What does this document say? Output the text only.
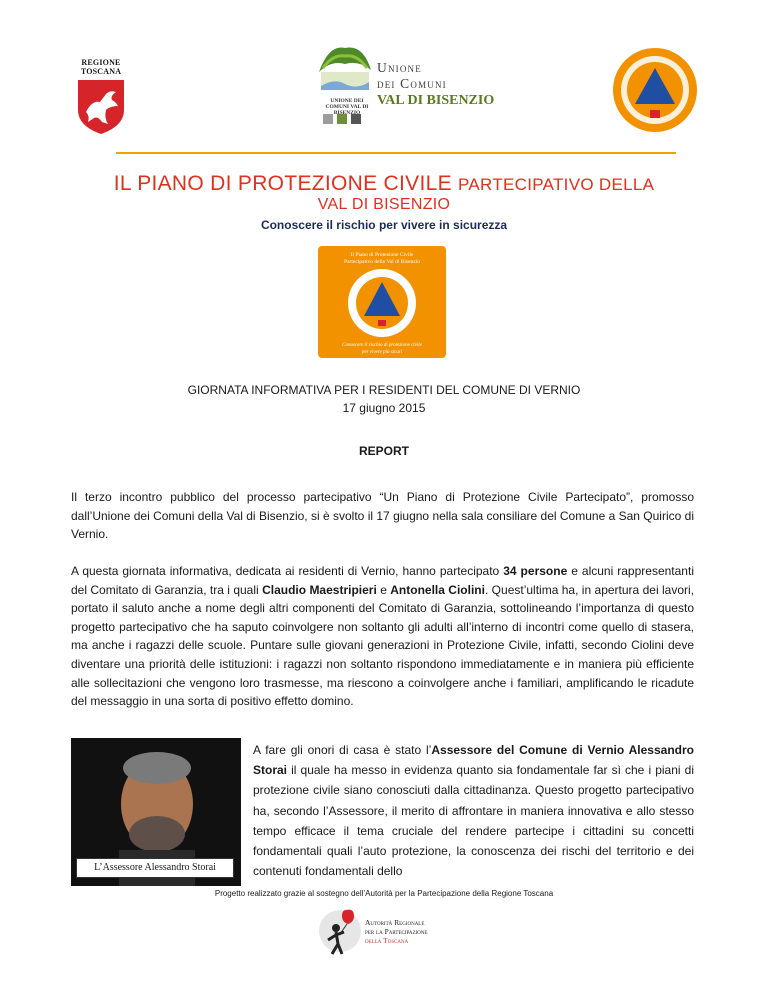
REGIONE
TOSCANA
UNIONE DEI COMUNI VAL DI BISENZIO
Unione
dei Comuni
VAL DI BISENZIO
IL PIANO DI PROTEZIONE CIVILE PARTECIPATIVO DELLA
VAL DI BISENZIO
Conoscere il rischio per vivere in sicurezza
Il Piano di Protezione Civile
Partecipativo della Val di Bisenzio
Conoscere il rischio di protezione civile
per vivere più sicuri
GIORNATA INFORMATIVA PER I RESIDENTI DEL COMUNE DI VERNIO
17 giugno 2015
REPORT
Il terzo incontro pubblico del processo partecipativo “Un Piano di Protezione Civile Partecipato”, promosso dall’Unione dei Comuni della Val di Bisenzio, si è svolto il 17 giugno nella sala consiliare del Comune a San Quirico di Vernio.
A questa giornata informativa, dedicata ai residenti di Vernio, hanno partecipato 34 persone e alcuni rappresentanti del Comitato di Garanzia, tra i quali Claudio Maestripieri e Antonella Ciolini. Quest’ultima ha, in apertura dei lavori, portato il saluto anche a nome degli altri componenti del Comitato di Garanzia, sottolineando l’importanza di questo progetto partecipativo che ha saputo coinvolgere non soltanto gli adulti all’interno di incontri come quello di stasera, ma anche i ragazzi delle scuole. Puntare sulle giovani generazioni in Protezione Civile, infatti, secondo Ciolini deve diventare una priorità delle istituzioni: i ragazzi non soltanto rispondono immediatamente e in maniera più efficiente alle sollecitazioni che vengono loro trasmesse, ma riescono a coinvolgere anche i familiari, amplificando le ricadute del messaggio in una sorta di positivo effetto domino.
L’Assessore Alessandro Storai
A fare gli onori di casa è stato l’Assessore del Comune di Vernio Alessandro Storai il quale ha messo in evidenza quanto sia fondamentale far sì che i piani di protezione civile siano conosciuti dalla cittadinanza. Questo progetto partecipativo ha, secondo l’Assessore, il merito di affrontare in maniera innovativa e allo stesso tempo efficace il tema cruciale del rendere partecipe i cittadini su concetti fondamentali quali l’auto protezione, la conoscenza dei rischi del territorio e dei contenuti fondamentali dello
Progetto realizzato grazie al sostegno dell’Autorità per la Partecipazione della Regione Toscana
Autorità Regionale
per la Partecipazione
della Toscana
